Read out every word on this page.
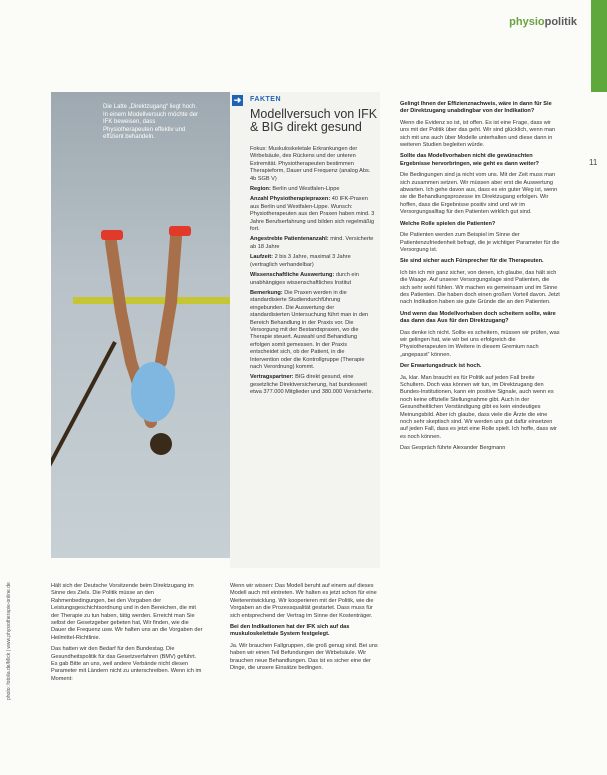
physiopolitik
11
Die Latte „Direktzugang“ liegt hoch. In einem Modellversuch möchte der IFK beweisen, dass Physiotherapeuten effektiv und effizient behandeln.
➜ FAKTEN
Modellversuch von IFK & BIG direkt gesund

Fokus: Muskuloskeletale Erkrankungen der Wirbelsäule, des Rückens und der unteren Extremität. Physiotherapeuten bestimmen Therapieform, Dauer und Frequenz (analog Abs. 4b SGB V)

Region: Berlin und Westfalen-Lippe

Anzahl Physiotherapiepraxen: 40 IFK-Praxen aus Berlin und Westfalen-Lippe. Wunsch: Physiotherapeuten aus den Praxen haben mind. 3 Jahre Berufserfahrung und bilden sich regelmäßig fort.

Angestrebte Patientenanzahl: mind. Versicherte ab 18 Jahre

Laufzeit: 2 bis 3 Jahre, maximal 3 Jahre (vertraglich verhandelbar)

Wissenschaftliche Auswertung: durch ein unabhängiges wissenschaftliches Institut

Bemerkung: Die Praxen werden in die standardisierte Studiendurchführung eingebunden. Die Auswertung der standardisierten Untersuchung führt man in den Bereich Behandlung in der Praxis vor. Die Versorgung mit der Bestandspraxen, wo die Therapie steuert. Auswahl und Behandlung erfolgen somit gemessen. In der Praxis entscheidet sich, ob der Patient, in die Intervention oder die Kontrollgruppe (Therapie nach Verordnung) kommt.

Vertragspartner: BIG direkt gesund, eine gesetzliche Direktversicherung, hat bundesweit etwa 377.000 Mitglieder und 380.000 Versicherte.

Hält sich der Deutsche Vorsitzende beim Direktzugang im Sinne des Ziels. Die Politik müsse an den Rahmenbedingungen, bei den Vorgaben der Leistungsgeschichtsordnung und in den Bereichen, die mit der Therapie zu tun haben, tätig werden. Erreicht man Sie selbst der Gesetzgeber gebeten hat, Wir finden, wie die Dauer die Frequenz usw. Wir halten uns an die Vorgaben der Heilmittel-Richtlinie.

Das hatten wir den Bedarf für den Bundestag. Die Gesundheitspolitik für das Gesetzverfahren (BMV) geführt. Es gab Bitte an uns, weil andere Verbände nicht diesen Parameter mit Ländern nicht zu unterschreiben. Wenn ich im Moment:

Wenn wir wissen: Das Modell beruht auf einem auf dieses Modell auch mit eintreten. Wir halten es jetzt schon für eine Weiterentwicklung. Wir kooperieren mit der Politik, wie die Vorgaben an die Prozessqualität gestartet. Dass muss für sich entsprechend der Vertrag im Sinne der Kostenträger.

Bei den Indikationen hat der IFK sich auf das muskuloskelettale System festgelegt.

Ja. Wir brauchen Fallgruppen, die groß genug sind. Bei uns haben wir einen Teil Befundungen der Wirbelsäule. Wir brauchen neue Behandlungen. Das ist es sicher eine der Dinge, die unsere Einsätze bedingen.

Gelingt Ihnen der Effizienznachweis, wäre in dann für Sie der Direktzugang unabdingbar von der Indikation?

Wenn die Evidenz so ist, ist offen. Es ist eine Frage, dass wir uns mit der Politik über das geht. Wir sind glücklich, wenn man sich mit uns auch über Modelle unterhalten und diese dann in weiteren Studien begleiten würde.

Sollte das Modellvorhaben nicht die gewünschten Ergebnisse hervorbringen, wie geht es dann weiter?

Die Bedingungen sind ja nicht vom uns. Mit der Zeit muss man sich zusammen setzen. Wir müssen aber erst die Auswertung abwarten. Ich gehe davon aus, dass es ein guter Weg ist, wenn sie die Behandlungsprozesse im Direktzugang erfolgen. Wir hoffen, dass die Ergebnisse positiv sind und wir im Versorgungsalltag für den Patienten wirklich gut sind.

Welche Rolle spielen die Patienten?

Die Patienten werden zum Beispiel im Sinne der Patientenzufriedenheit befragt, die je wichtiger Parameter für die Versorgung ist.

Sie sind sicher auch Fürsprecher für die Therapeuten.

Ich bin ich mir ganz sicher, von denen, ich glaube, das hält sich die Waage. Auf unserer Versorgungslage sind Patienten, die sich sehr wohl fühlen. Wir machen es gemeinsam und im Sinne des Patienten. Die haben doch einen großen Vorteil davon. Jetzt nach Indikation haben sie gute Gründe die an den Patienten.

Und wenn das Modellvorhaben doch scheitern sollte, wäre das dann das Aus für den Direktzugang?

Das denke ich nicht. Sollte es scheitern, müssen wir prüfen, was wir gelingen hat, wie wir bei uns erfolgreich die Physiotherapeuten im Weitere in diesem Gremium nach „angepasst“ können.

Der Erwartungsdruck ist hoch.

Ja, klar. Man braucht es für Politik auf jeden Fall breite Schultern. Doch was können wir tun, im Direktzugang den Bundes-Institutionen, kann ein positive Signale, auch wenn es noch keine offizielle Stellungnahme gibt. Auch in der Gesundheitlichen Verständigung gibt es kein eindeutiges Meinungsbild. Aber ich glaube, dass viele die Ärzte die eine noch sehr skeptisch sind. Wir werden uns gut dafür einsetzen auf jeden Fall, dass es jetzt eine Rolle spielt. Ich hoffe, dass wir es noch können.

Das Gespräch führte Alexander Bergmann

photo: fotolia.de/Mick | www.physiotherapie-online.de
